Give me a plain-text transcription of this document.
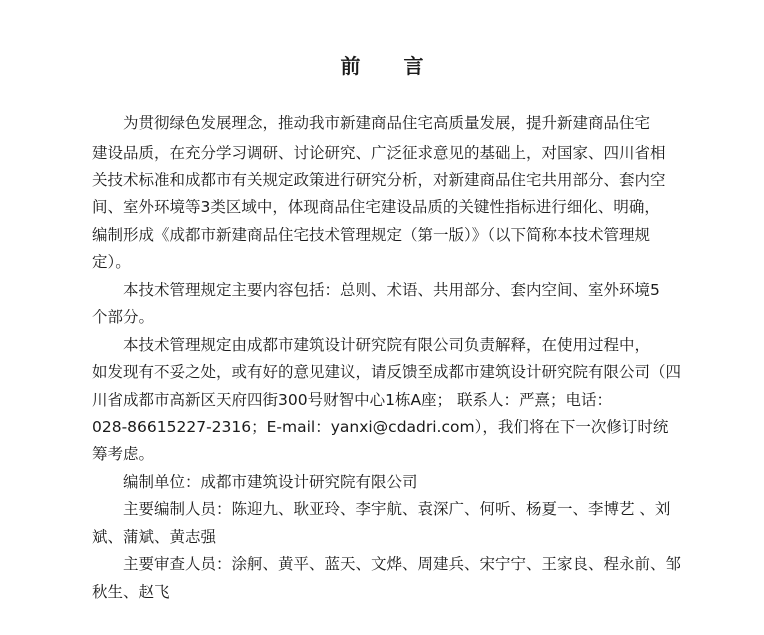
前 言
为贯彻绿色发展理念，推动我市新建商品住宅高质量发展，提升新建商品住宅
建设品质，在充分学习调研、讨论研究、广泛征求意见的基础上，对国家、四川省相
关技术标准和成都市有关规定政策进行研究分析，对新建商品住宅共用部分、套内空
间、室外环境等3类区域中，体现商品住宅建设品质的关键性指标进行细化、明确，
编制形成《成都市新建商品住宅技术管理规定（第一版）》（以下简称本技术管理规
定）。
本技术管理规定主要内容包括：总则、术语、共用部分、套内空间、室外环境5
个部分。
本技术管理规定由成都市建筑设计研究院有限公司负责解释，在使用过程中，
如发现有不妥之处，或有好的意见建议，请反馈至成都市建筑设计研究院有限公司（四
川省成都市高新区天府四街300号财智中心1栋A座； 联系人：严熹；电话：
028-86615227-2316；E-mail：yanxi@cdadri.com），我们将在下一次修订时统
筹考虑。
编制单位：成都市建筑设计研究院有限公司
主要编制人员：陈迎九、耿亚玲、李宇航、袁深广、何听、杨夏一、李博艺 、刘
斌、蒲斌、黄志强
主要审查人员：涂舸、黄平、蓝天、文烨、周建兵、宋宁宁、王家良、程永前、邹
秋生、赵飞
